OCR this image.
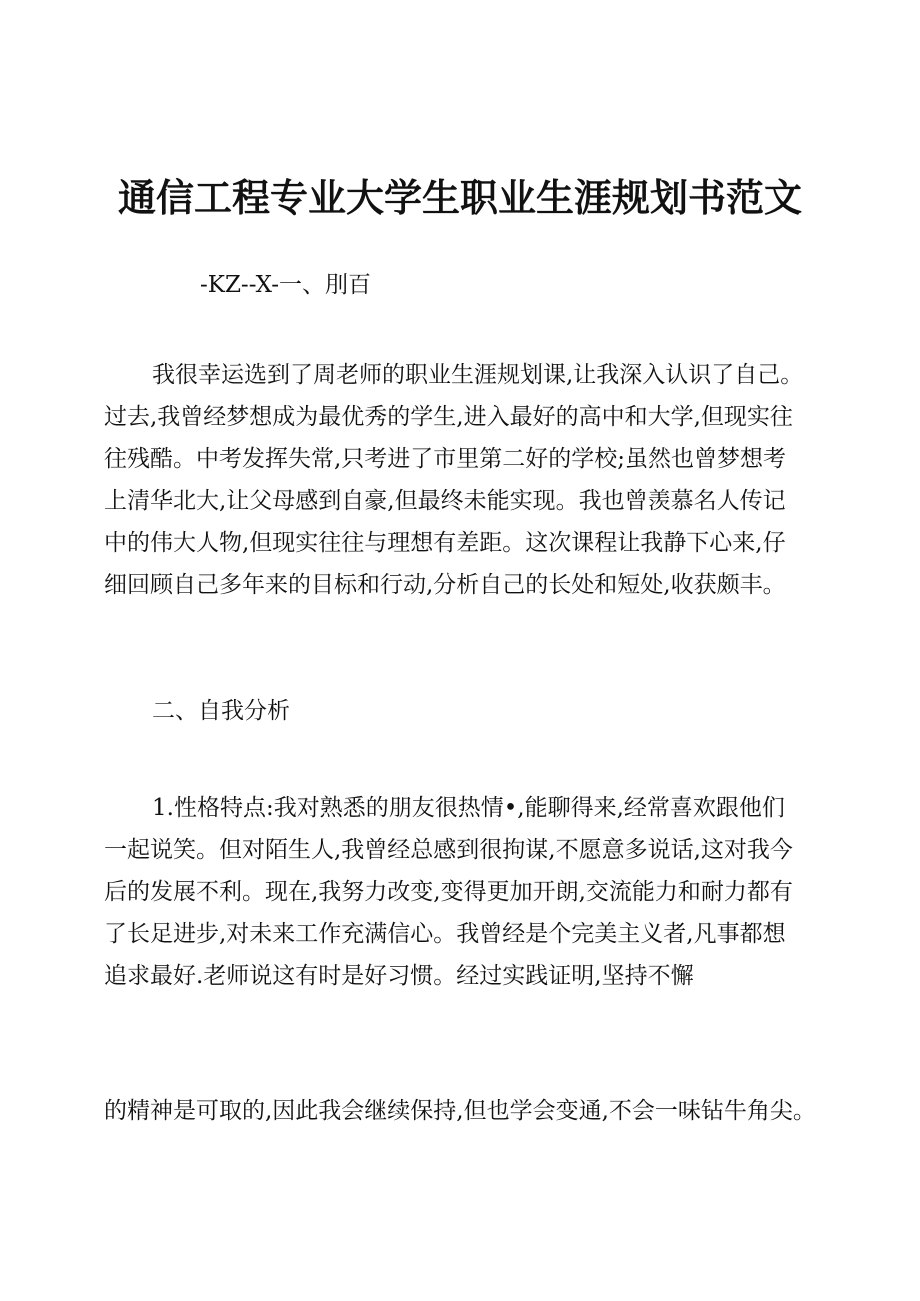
通信工程专业大学生职业生涯规划书范文
-KZ--X-一、刖百
我很幸运选到了周老师的职业生涯规划课,让我深入认识了自己。
过去,我曾经梦想成为最优秀的学生,进入最好的高中和大学,但现实往
往残酷。中考发挥失常,只考进了市里第二好的学校;虽然也曾梦想考
上清华北大,让父母感到自豪,但最终未能实现。我也曾羡慕名人传记
中的伟大人物,但现实往往与理想有差距。这次课程让我静下心来,仔
细回顾自己多年来的目标和行动,分析自己的长处和短处,收获颇丰。
二、自我分析
1.性格特点:我对熟悉的朋友很热情•,能聊得来,经常喜欢跟他们
一起说笑。但对陌生人,我曾经总感到很拘谋,不愿意多说话,这对我今
后的发展不利。现在,我努力改变,变得更加开朗,交流能力和耐力都有
了长足进步,对未来工作充满信心。我曾经是个完美主义者,凡事都想
追求最好.老师说这有时是好习惯。经过实践证明,坚持不懈
的精神是可取的,因此我会继续保持,但也学会变通,不会一味钻牛角尖。
